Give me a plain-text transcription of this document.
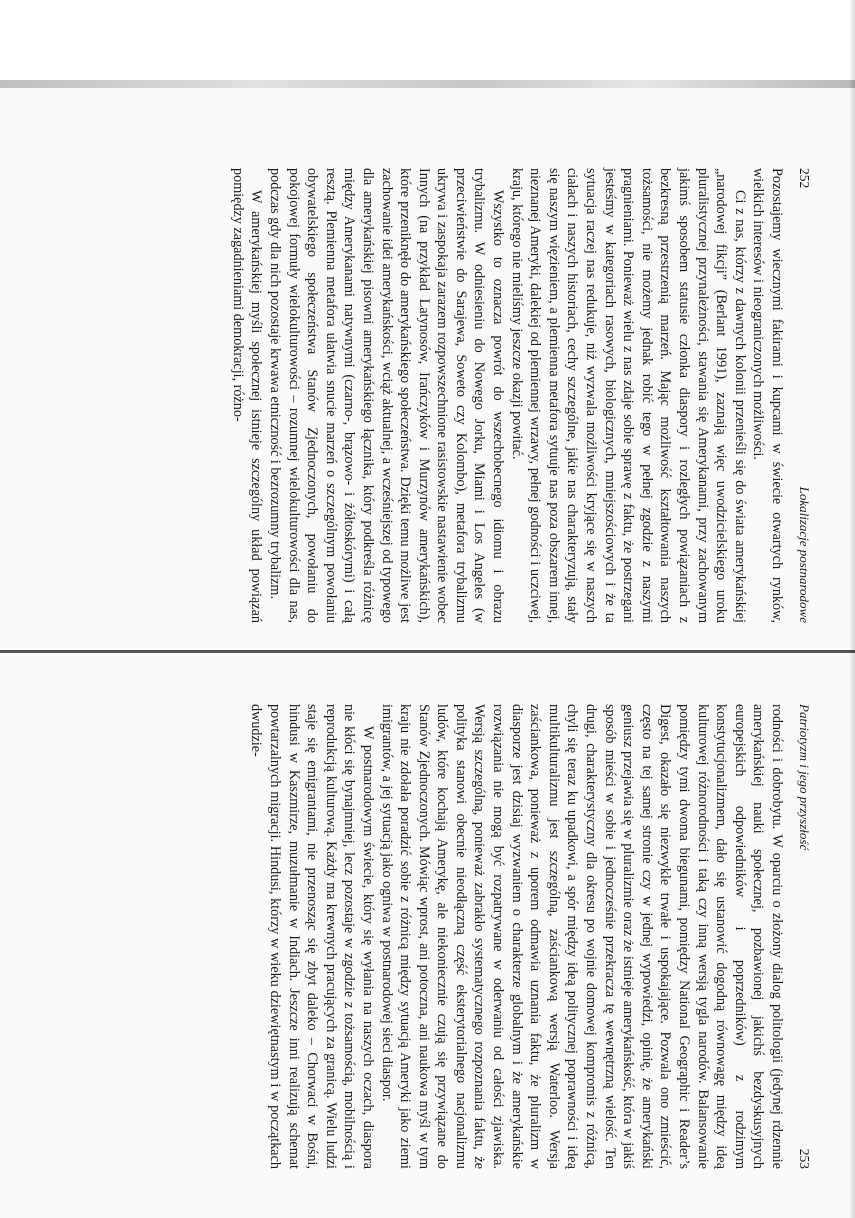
252
Lokalizacje postnarodowe

Pozostajemy wiecznymi fakirami i kupcami w świecie otwartych rynków, wielkich interesów i nieograniczonych możliwości.

Ci z nas, którzy z dawnych kolonii przenieśli się do świata amerykańskiej „narodowej fikcji” (Berlant 1991), zaznają więc uwodzicielskiego uroku pluralistycznej przynależności, stawania się Amerykanami, przy zachowanym jakimś sposobem statusie członka diaspory i rozległych powiązaniach z bezkresną przestrzenią marzeń. Mając możliwość kształtowania naszych tożsamości, nie możemy jednak robić tego w pełnej zgodzie z naszymi pragnieniami. Ponieważ wielu z nas zdaje sobie sprawę z faktu, że postrzegani jesteśmy w kategoriach rasowych, biologicznych, mniejszościowych i że ta sytuacja raczej nas redukuje, niż wyzwala możliwości kryjące się w naszych ciałach i naszych historiach, cechy szczególne, jakie nas charakteryzują, stały się naszym więzieniem, a plemienna metafora sytuuje nas poza obszarem innej, nieznanej Ameryki, dalekiej od plemiennej wrzawy, pełnej godności i uczciwej, kraju, którego nie mieliśmy jeszcze okazji powitać.

Wszystko to oznacza powrót do wszechobecnego idiomu i obrazu trybalizmu. W odniesieniu do Nowego Jorku, Miami i Los Angeles (w przeciwieństwie do Sarajewa, Soweto czy Kolombo), metafora trybalizmu ukrywa i zaspokaja zarazem rozpowszechnione rasistowskie nastawienie wobec Innych (na przykład Latynosów, Irańczyków i Murzynów amerykańskich), które przeniknęło do amerykańskiego społeczeństwa. Dzięki temu możliwe jest zachowanie idei amerykańskości, wciąż aktualnej, a wcześniejszej od typowego dla amerykańskiej pisowni amerykańskiego łącznika, który podkreśla różnicę między Amerykanami natywnymi (czarno-, brązowo- i żółtoskórymi) i całą resztą. Plemienna metafora ułatwia snucie marzeń o szczególnym powołaniu obywatelskiego społeczeństwa Stanów Zjednoczonych, powołaniu do pokojowej formuły wielokulturowości – rozumnej wielokulturowości dla nas, podczas gdy dla nich pozostaje krwawa etniczność i bezrozumny trybalizm.

W amerykańskiej myśli społecznej istnieje szczególny układ powiązań pomiędzy zagadnieniami demokracji, różno-

Patriotyzm i jego przyszłość
253

rodności i dobrobytu. W oparciu o złożony dialog politologii (jedynej rdzennie amerykańskiej nauki społecznej, pozbawionej jakichś bezdyskusyjnych europejskich odpowiedników i poprzedników) z rodzimym konstytucjonalizmem, dało się ustanowić dogodną równowagę między ideą kulturowej różnorodności i taką czy inną wersją tygla narodów. Balansowanie pomiędzy tymi dwoma biegunami, pomiędzy National Geographic i Reader’s Digest, okazało się niezwykle trwałe i uspokajające. Pozwala ono zmieścić, często na tej samej stronie czy w jednej wypowiedzi, opinię, że amerykański geniusz przejawia się w pluralizmie oraz że istnieje amerykańskość, która w jakiś sposób mieści w sobie i jednocześnie przekracza tę wewnętrzną wielość. Ten drugi, charakterystyczny dla okresu po wojnie domowej kompromis z różnicą, chyli się teraz ku upadkowi, a spór między ideą politycznej poprawności i ideą multikulturalizmu jest szczególną, zaściankową wersją Waterloo. Wersja zaściankowa, ponieważ z uporem odmawia uznania faktu, że pluralizm w diasporze jest dzisiaj wyzwaniem o charakterze globalnym i że amerykańskie rozwiązania nie mogą być rozpatrywane w oderwaniu od całości zjawiska. Wersją szczególną, ponieważ zabrakło systematycznego rozpoznania faktu, że polityka stanowi obecnie nieodłączną część eksterytorialnego nacjonalizmu ludów, które kochają Amerykę, ale niekoniecznie czują się przywiązane do Stanów Zjednoczonych. Mówiąc wprost, ani potoczna, ani naukowa myśl w tym kraju nie zdołała poradzić sobie z różnicą między sytuacją Ameryki jako ziemi imigrantów, a jej sytuacją jako ogniwa w postnarodowej sieci diaspor.

W postnarodowym świecie, który się wyłania na naszych oczach, diaspora nie kłóci się bynajmniej, lecz pozostaje w zgodzie z tożsamością, mobilnością i reprodukcją kulturową. Każdy ma krewnych pracujących za granicą. Wielu ludzi staje się emigrantami, nie przenosząc się zbyt daleko – Chorwaci w Bośni, hindusi w Kaszmirze, muzułmanie w Indiach. Jeszcze inni realizują schemat powtarzalnych migracji. Hindusi, którzy w wieku dziewiętnastym i w początkach dwudzie-
